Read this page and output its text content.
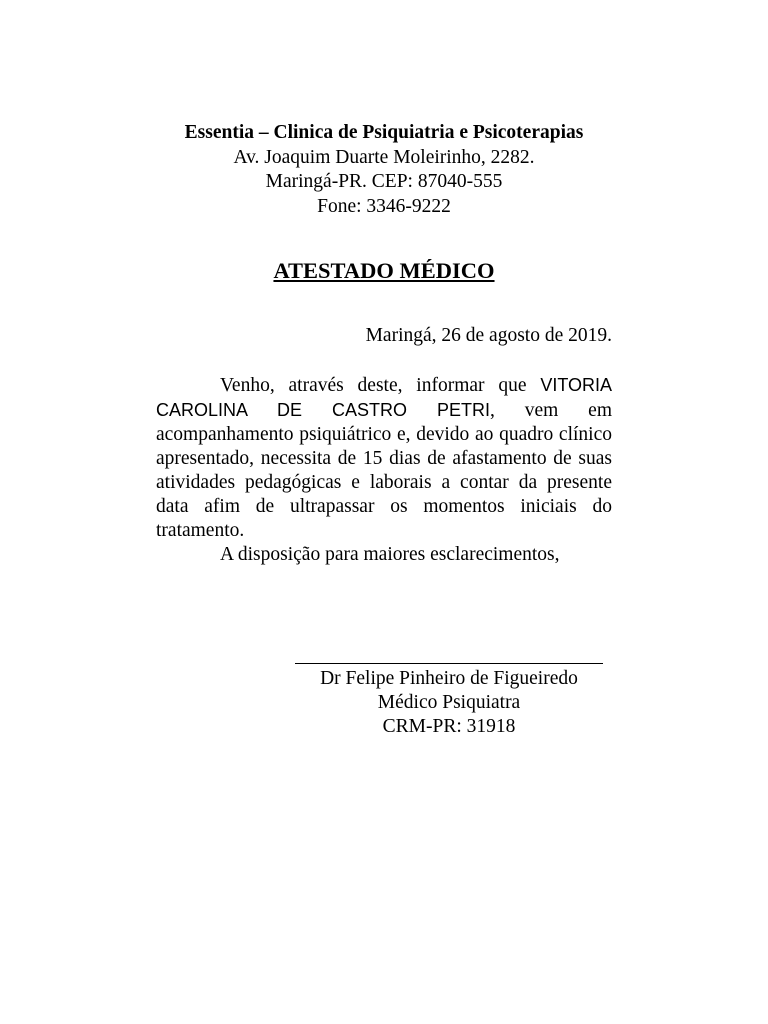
Essentia – Clinica de Psiquiatria e Psicoterapias
Av. Joaquim Duarte Moleirinho, 2282.
Maringá-PR. CEP: 87040-555
Fone: 3346-9222
ATESTADO MÉDICO
Maringá, 26 de agosto de 2019.

Venho, através deste, informar que VITORIA CAROLINA DE CASTRO PETRI, vem em acompanhamento psiquiátrico e, devido ao quadro clínico apresentado, necessita de 15 dias de afastamento de suas atividades pedagógicas e laborais a contar da presente data afim de ultrapassar os momentos iniciais do tratamento.

A disposição para maiores esclarecimentos,

Dr Felipe Pinheiro de Figueiredo
Médico Psiquiatra
CRM-PR: 31918
